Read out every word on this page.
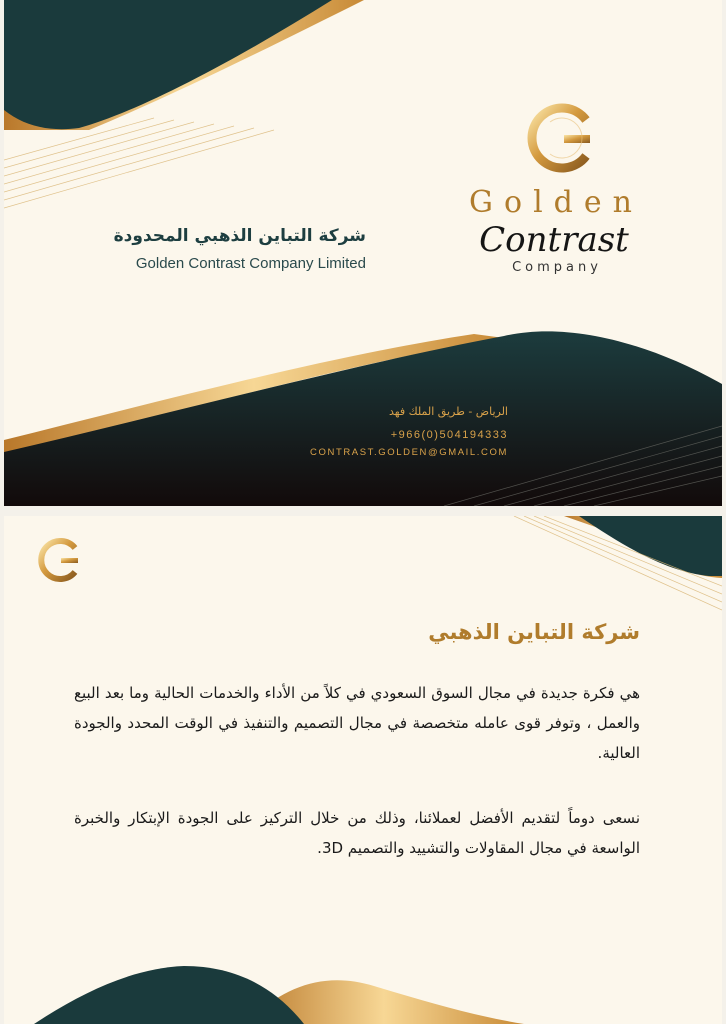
Golden
Contrast
Company
شركة التباين الذهبي المحدودة
Golden Contrast Company Limited
الرياض - طريق الملك فهد
+966(0)504194333
CONTRAST.GOLDEN@GMAIL.COM
شركة التباين الذهبي
هي فكرة جديدة في مجال السوق السعودي في كلاً من الأداء والخدمات الحالية وما بعد البيع والعمل ، وتوفر قوى عامله متخصصة في مجال التصميم والتنفيذ في الوقت المحدد والجودة العالية.
نسعى دوماً لتقديم الأفضل لعملائنا، وذلك من خلال التركيز على الجودة الإبتكار والخبرة الواسعة في مجال المقاولات والتشييد والتصميم 3D.
